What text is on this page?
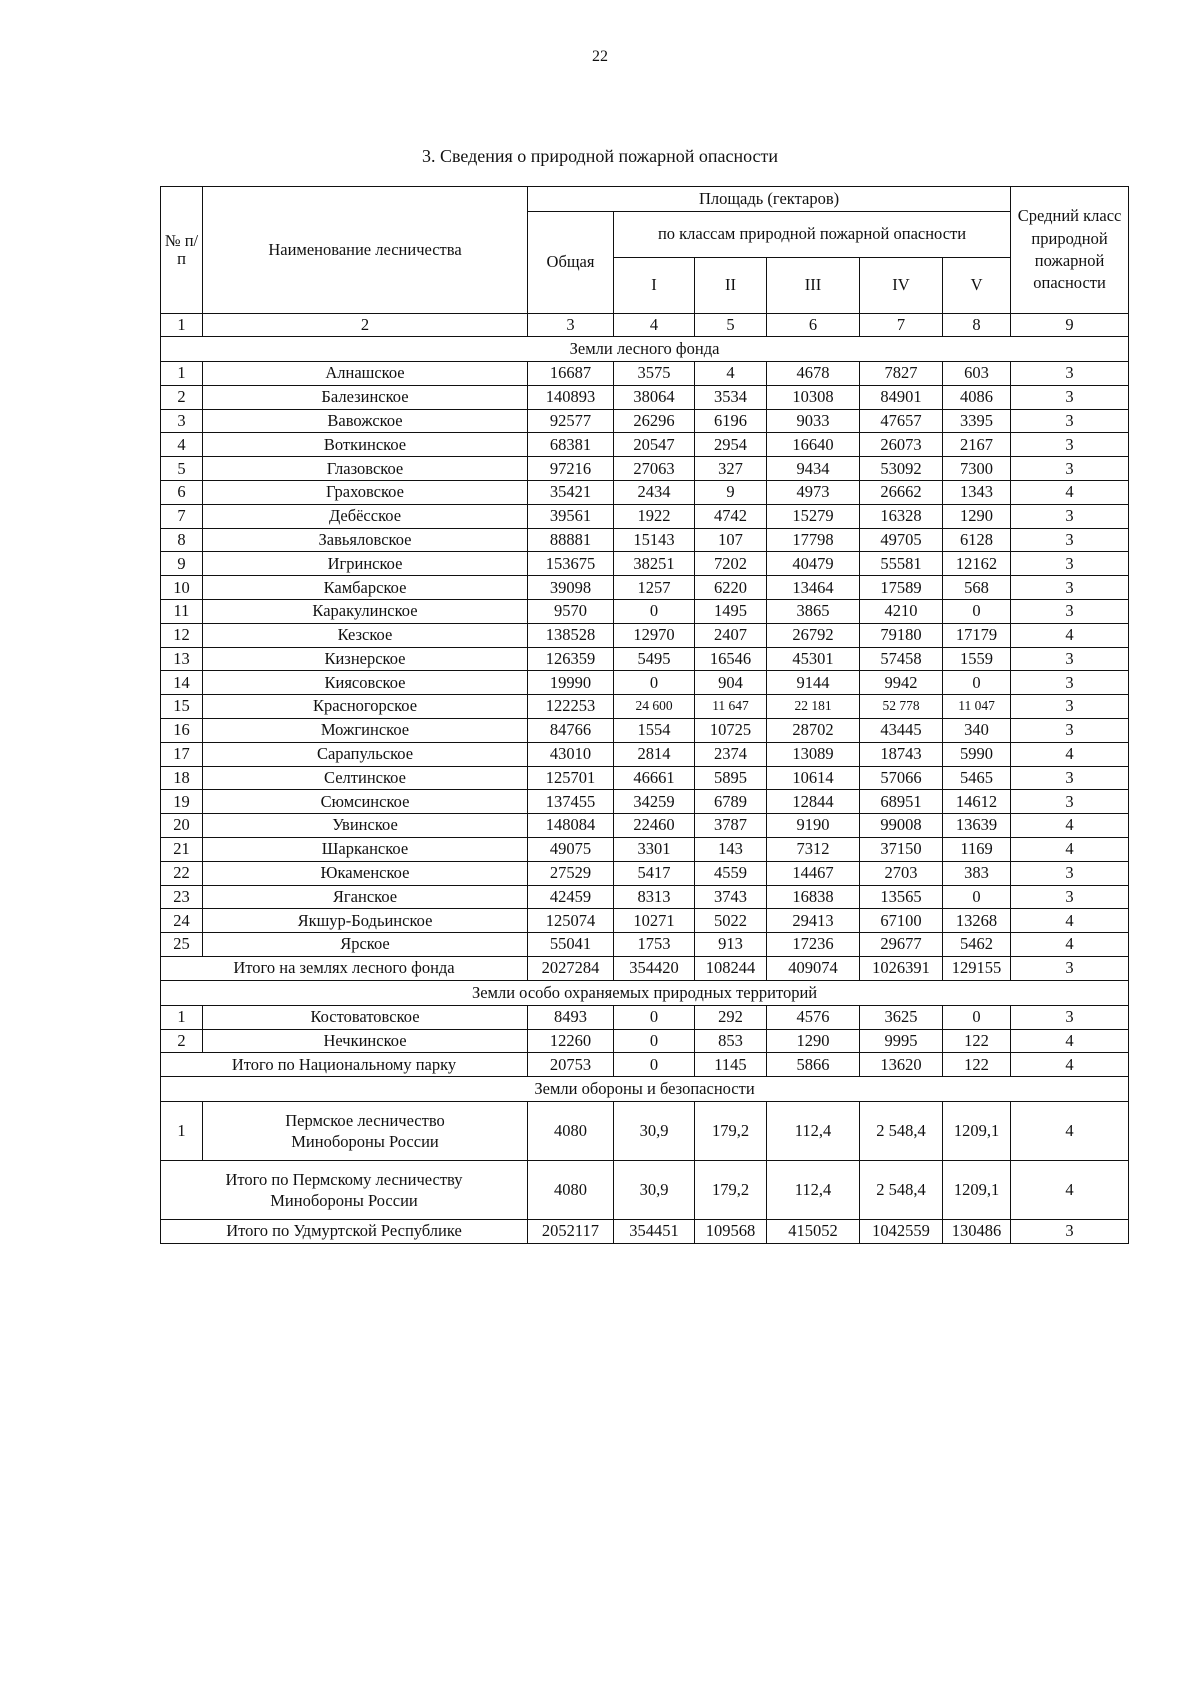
22
3. Сведения о природной пожарной опасности
№ п/п	Наименование лесничества	Площадь (гектаров)						Средний класс природной пожарной опасности
		Общая	по классам природной пожарной опасности					
			I	II	III	IV	V	
1	2	3	4	5	6	7	8	9
Земли лесного фонда								
1	Алнашское	16687	3575	4	4678	7827	603	3
2	Балезинское	140893	38064	3534	10308	84901	4086	3
3	Вавожское	92577	26296	6196	9033	47657	3395	3
4	Воткинское	68381	20547	2954	16640	26073	2167	3
5	Глазовское	97216	27063	327	9434	53092	7300	3
6	Граховское	35421	2434	9	4973	26662	1343	4
7	Дебёсское	39561	1922	4742	15279	16328	1290	3
8	Завьяловское	88881	15143	107	17798	49705	6128	3
9	Игринское	153675	38251	7202	40479	55581	12162	3
10	Камбарское	39098	1257	6220	13464	17589	568	3
11	Каракулинское	9570	0	1495	3865	4210	0	3
12	Кезское	138528	12970	2407	26792	79180	17179	4
13	Кизнерское	126359	5495	16546	45301	57458	1559	3
14	Киясовское	19990	0	904	9144	9942	0	3
15	Красногорское	122253	24 600	11 647	22 181	52 778	11 047	3
16	Можгинское	84766	1554	10725	28702	43445	340	3
17	Сарапульское	43010	2814	2374	13089	18743	5990	4
18	Селтинское	125701	46661	5895	10614	57066	5465	3
19	Сюмсинское	137455	34259	6789	12844	68951	14612	3
20	Увинское	148084	22460	3787	9190	99008	13639	4
21	Шарканское	49075	3301	143	7312	37150	1169	4
22	Юкаменское	27529	5417	4559	14467	2703	383	3
23	Яганское	42459	8313	3743	16838	13565	0	3
24	Якшур-Бодьинское	125074	10271	5022	29413	67100	13268	4
25	Ярское	55041	1753	913	17236	29677	5462	4
Итого на землях лесного фонда		2027284	354420	108244	409074	1026391	129155	3
Земли особо охраняемых природных территорий								
1	Костоватовское	8493	0	292	4576	3625	0	3
2	Нечкинское	12260	0	853	1290	9995	122	4
Итого по Национальному парку		20753	0	1145	5866	13620	122	4
Земли обороны и безопасности								
1	Пермское лесничество Минобороны России	4080	30,9	179,2	112,4	2 548,4	1209,1	4
Итого по Пермскому лесничеству Минобороны России		4080	30,9	179,2	112,4	2 548,4	1209,1	4
Итого по Удмуртской Республике		2052117	354451	109568	415052	1042559	130486	3
